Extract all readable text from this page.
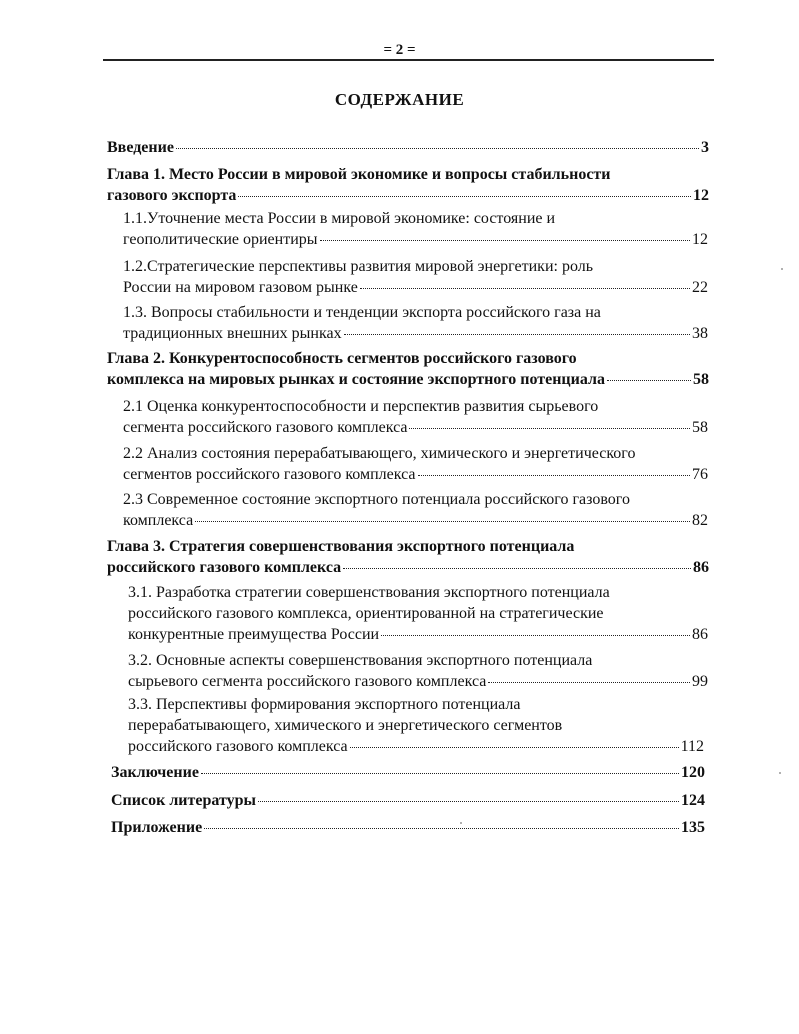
= 2 =
СОДЕРЖАНИЕ
Введение	3
Глава 1. Место России в мировой экономике и вопросы стабильности
газового экспорта	12
1.1.Уточнение места России в мировой экономике: состояние и
геополитические ориентиры	12
1.2.Стратегические перспективы развития мировой энергетики: роль
России на мировом газовом рынке	22
1.3. Вопросы стабильности и тенденции экспорта российского газа на
традиционных внешних рынках	38
Глава 2. Конкурентоспособность сегментов российского газового
комплекса на мировых рынках и состояние экспортного потенциала	58
2.1 Оценка конкурентоспособности и перспектив развития сырьевого
сегмента российского газового комплекса	58
2.2 Анализ состояния перерабатывающего, химического и энергетического
сегментов российского газового комплекса	76
2.3 Современное состояние экспортного потенциала российского газового
комплекса	82
Глава 3. Стратегия совершенствования экспортного потенциала
российского газового комплекса	86
3.1. Разработка стратегии совершенствования экспортного потенциала
российского газового комплекса, ориентированной на стратегические
конкурентные преимущества России	86
3.2. Основные аспекты совершенствования экспортного потенциала
сырьевого сегмента российского газового комплекса	99
3.3. Перспективы формирования экспортного потенциала
перерабатывающего, химического и энергетического сегментов
российского газового комплекса	112
Заключение	120
Список литературы	124
Приложение	135
